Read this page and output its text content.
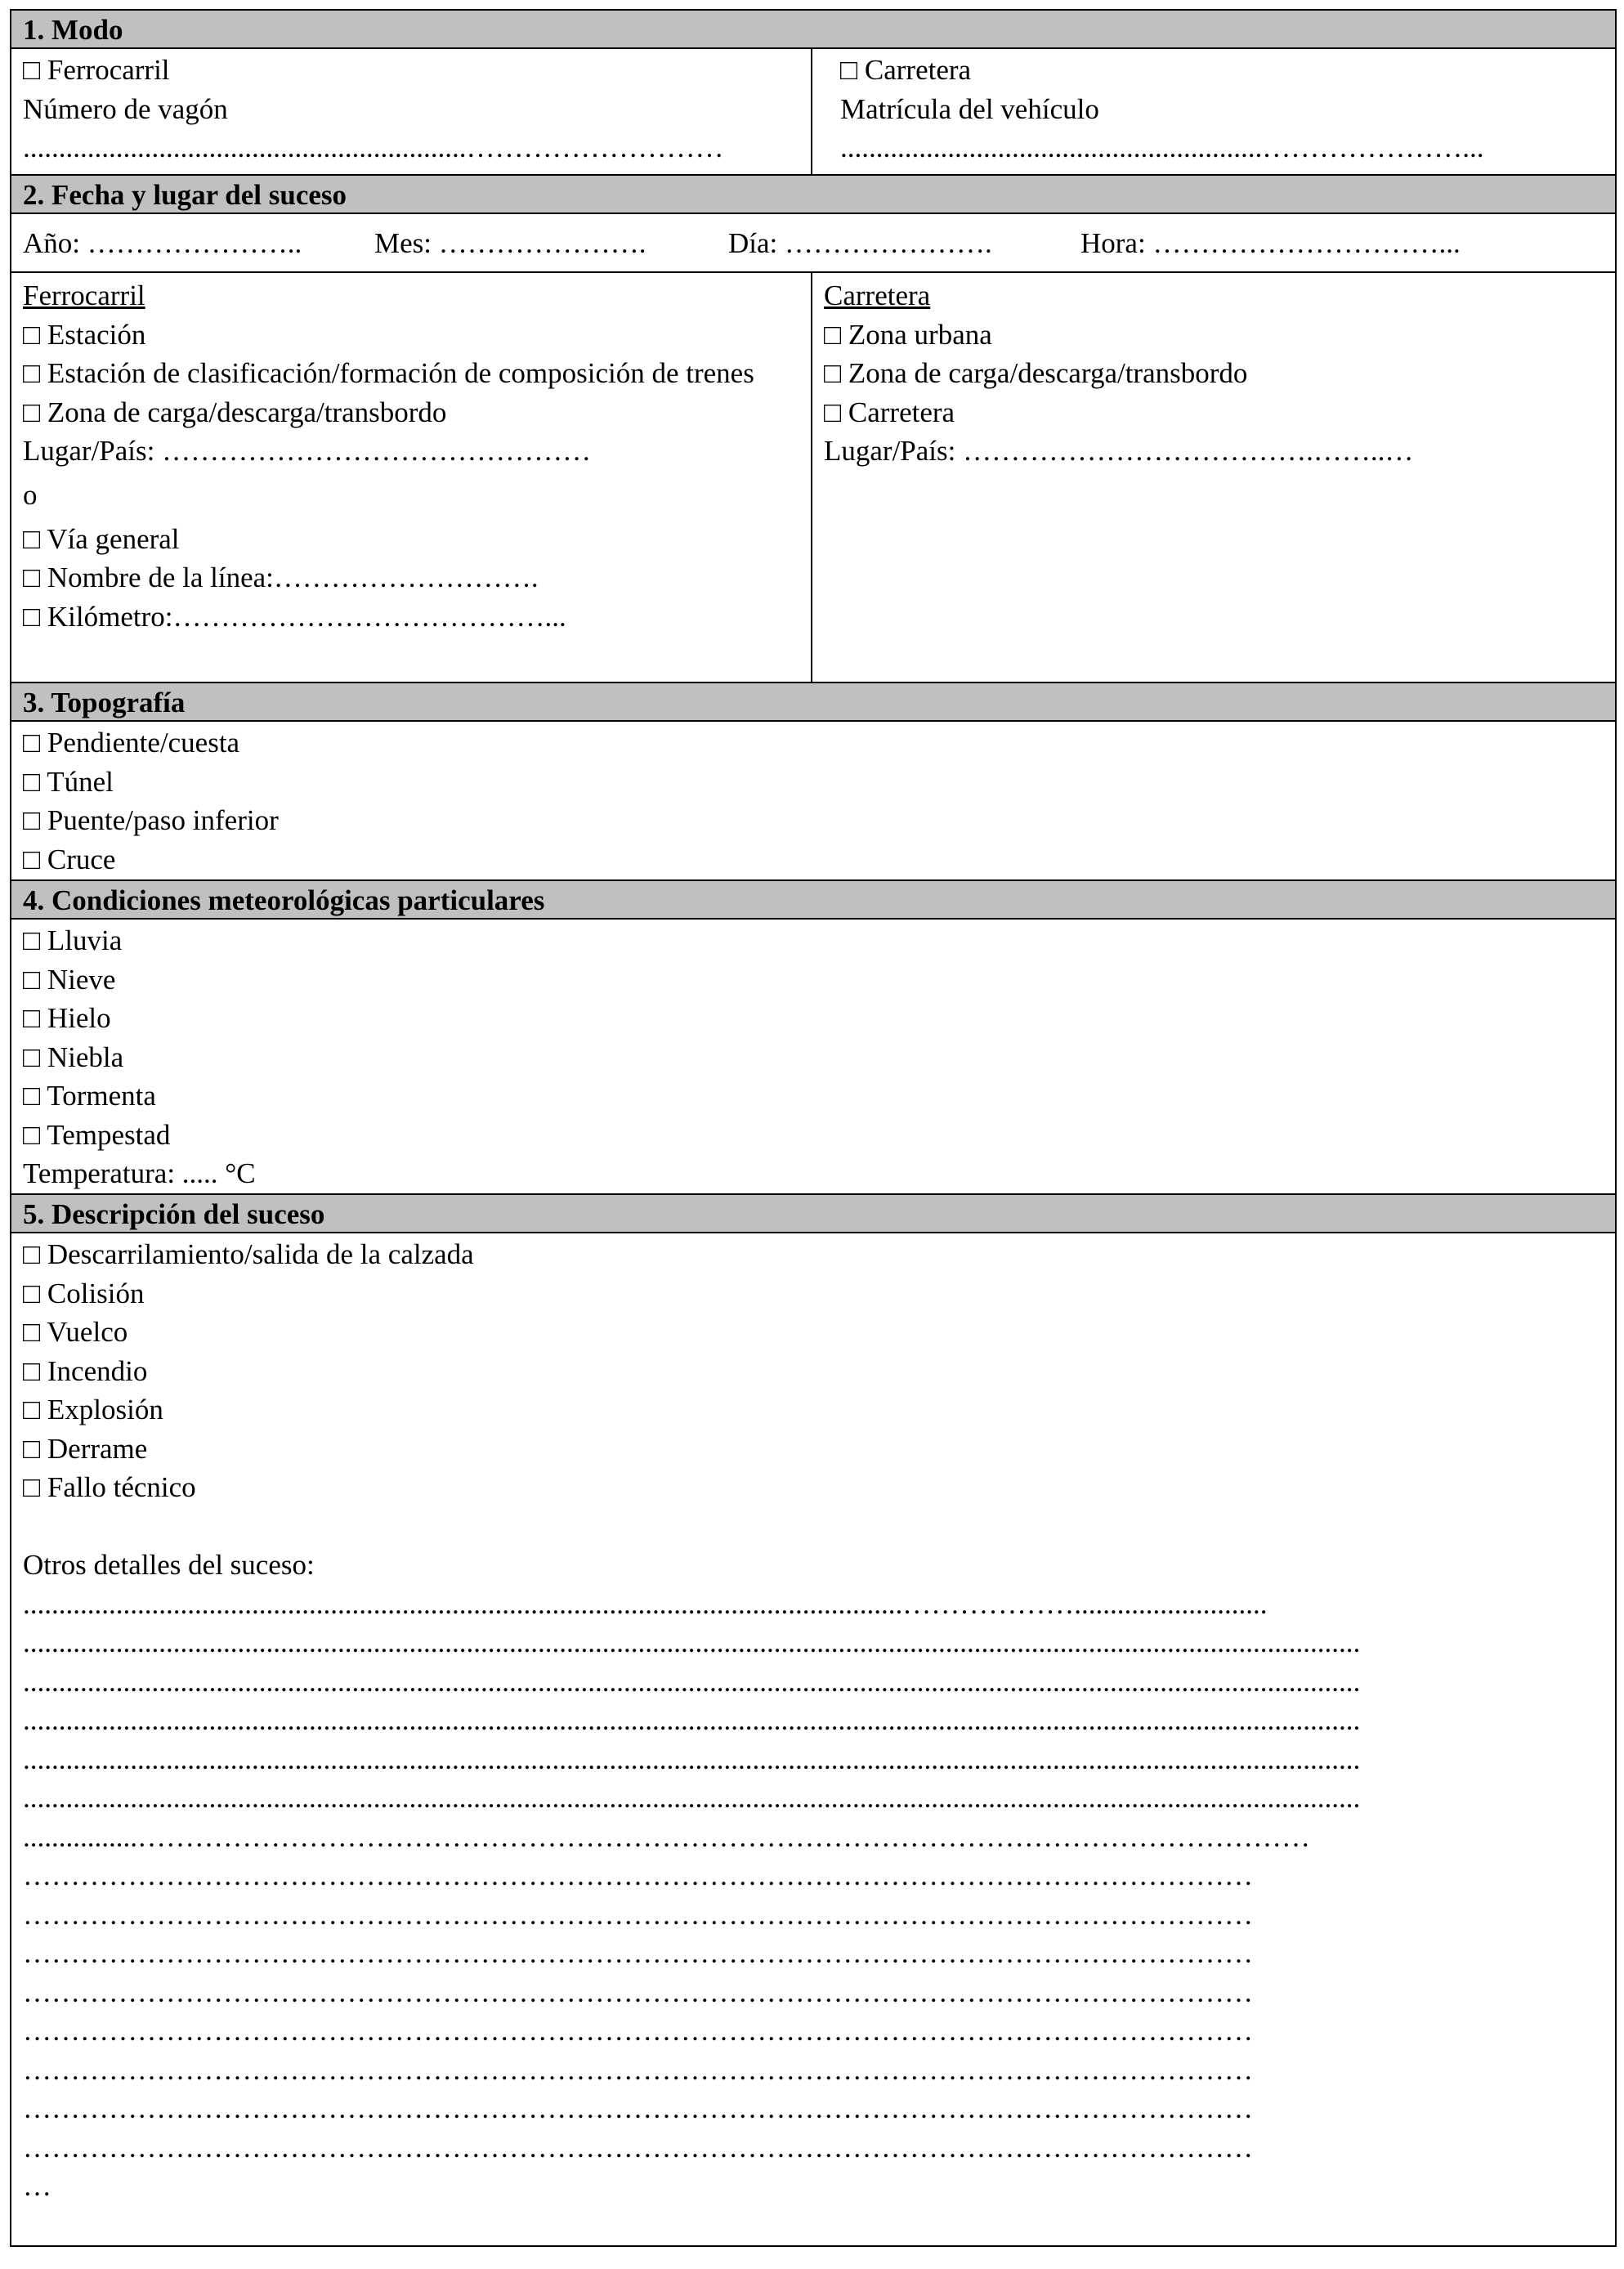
1. Modo
□ Ferrocarril
Número de vagón
..............................................................………………………
□ Carretera
Matrícula del vehículo
...........................................................…………………...
2. Fecha y lugar del suceso
Año: …………………..	Mes: ………………….	Día: ………………….	Hora: …………………………...
Ferrocarril
□ Estación
□ Estación de clasificación/formación de composición de trenes
□ Zona de carga/descarga/transbordo
Lugar/País: ………………………………………
o
□ Vía general
□ Nombre de la línea:……………………….
□ Kilómetro:…………………………………...
Carretera
□ Zona urbana
□ Zona de carga/descarga/transbordo
□ Carretera
Lugar/País: ……………………………….……..…
3. Topografía
□ Pendiente/cuesta
□ Túnel
□ Puente/paso inferior
□ Cruce
4. Condiciones meteorológicas particulares
□ Lluvia
□ Nieve
□ Hielo
□ Niebla
□ Tormenta
□ Tempestad
Temperatura: ..... °C
5. Descripción del suceso
□ Descarrilamiento/salida de la calzada
□ Colisión
□ Vuelco
□ Incendio
□ Explosión
□ Derrame
□ Fallo técnico
Otros detalles del suceso:
...........................................................................................................................………………...........................
...........................................................................................................................................................................................
...........................................................................................................................................................................................
...........................................................................................................................................................................................
...........................................................................................................................................................................................
...........................................................................................................................................................................................
................……………………………………………………………………………………………………………
…………………………………………………………………………………………………………………
…………………………………………………………………………………………………………………
…………………………………………………………………………………………………………………
…………………………………………………………………………………………………………………
…………………………………………………………………………………………………………………
…………………………………………………………………………………………………………………
…………………………………………………………………………………………………………………
…………………………………………………………………………………………………………………
…
